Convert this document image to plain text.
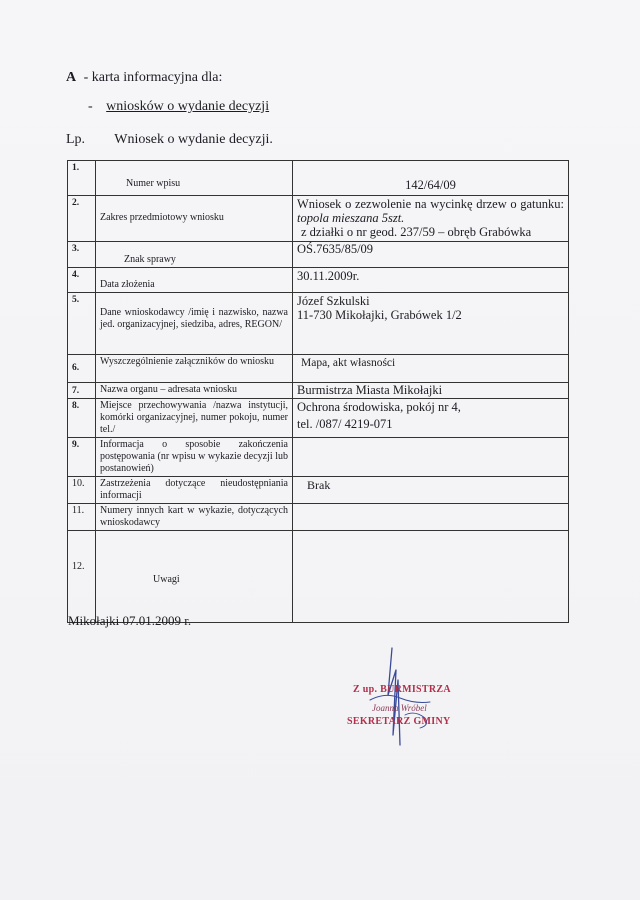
A - karta informacyjna dla:
- wniosków o wydanie decyzji
Lp. Wniosek o wydanie decyzji.
1.	Numer wpisu	142/64/09
2.	Zakres przedmiotowy wniosku	Wniosek o zezwolenie na wycinkę drzew o gatunku: topola mieszana 5szt.
z działki o nr geod. 237/59 – obręb Grabówka

3.	Znak sprawy	OŚ.7635/85/09
4.	Data złożenia	30.11.2009r.
5.	Dane wnioskodawcy /imię i nazwisko, nazwa jed. organizacyjnej, siedziba, adres, REGON/	Józef Szkulski
11-730 Mikołajki, Grabówek 1/2

6.	Wyszczególnienie załączników do wniosku	Mapa, akt własności
7.	Nazwa organu – adresata wniosku	Burmistrza Miasta Mikołajki
8.	Miejsce przechowywania /nazwa instytucji, komórki organizacyjnej, numer pokoju, numer tel./	Ochrona środowiska, pokój nr 4,
tel. /087/ 4219-071

9.	Informacja o sposobie zakończenia postępowania (nr wpisu w wykazie decyzji lub postanowień)	
10.	Zastrzeżenia dotyczące nieudostępniania informacji	Brak
11.	Numery innych kart w wykazie, dotyczących wnioskodawcy	
12.	Uwagi	
Mikołajki 07.01.2009 r.
Z up. BURMISTRZA
Joanna Wróbel
SEKRETARZ GMINY
